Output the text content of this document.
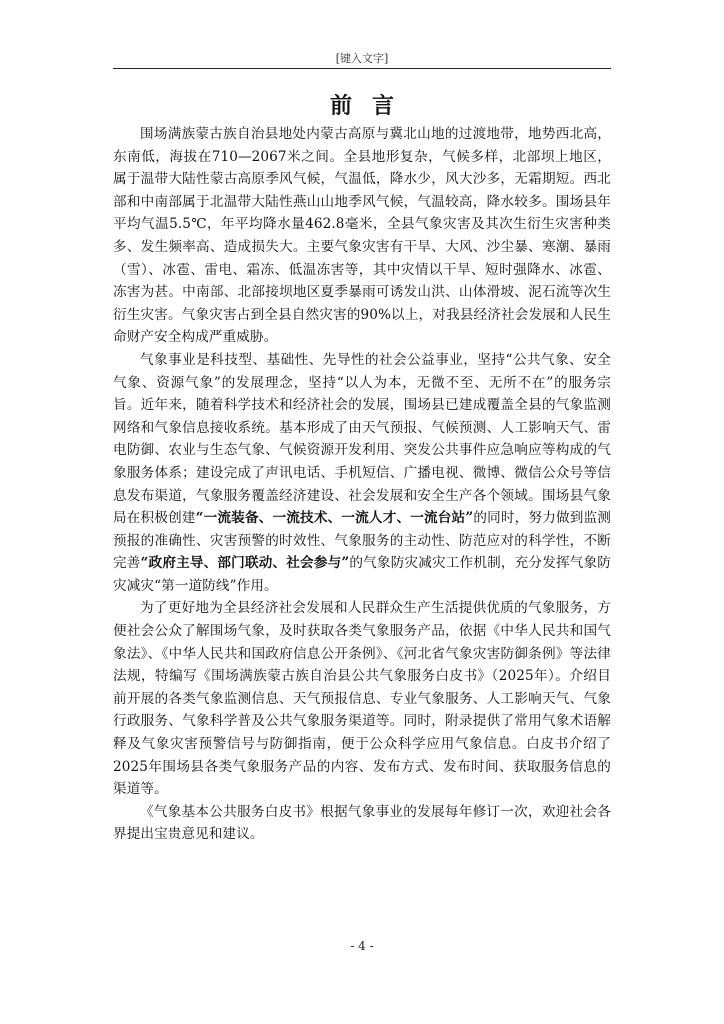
[键入文字]
前言

围场满族蒙古族自治县地处内蒙古高原与冀北山地的过渡地带，地势西北高，东南低，海拔在710—2067米之间。全县地形复杂，气候多样，北部坝上地区，属于温带大陆性蒙古高原季风气候，气温低，降水少，风大沙多，无霜期短。西北部和中南部属于北温带大陆性燕山山地季风气候，气温较高，降水较多。围场县年平均气温5.5℃，年平均降水量462.8毫米，全县气象灾害及其次生衍生灾害种类多、发生频率高、造成损失大。主要气象灾害有干旱、大风、沙尘暴、寒潮、暴雨（雪）、冰雹、雷电、霜冻、低温冻害等，其中灾情以干旱、短时强降水、冰雹、冻害为甚。中南部、北部接坝地区夏季暴雨可诱发山洪、山体滑坡、泥石流等次生衍生灾害。气象灾害占到全县自然灾害的90%以上，对我县经济社会发展和人民生命财产安全构成严重威胁。

气象事业是科技型、基础性、先导性的社会公益事业，坚持“公共气象、安全气象、资源气象”的发展理念，坚持“以人为本，无微不至、无所不在”的服务宗旨。近年来，随着科学技术和经济社会的发展，围场县已建成覆盖全县的气象监测网络和气象信息接收系统。基本形成了由天气预报、气候预测、人工影响天气、雷电防御、农业与生态气象、气候资源开发利用、突发公共事件应急响应等构成的气象服务体系；建设完成了声讯电话、手机短信、广播电视、微博、微信公众号等信息发布渠道，气象服务覆盖经济建设、社会发展和安全生产各个领域。围场县气象局在积极创建“一流装备、一流技术、一流人才、一流台站”的同时，努力做到监测预报的准确性、灾害预警的时效性、气象服务的主动性、防范应对的科学性，不断完善“政府主导、部门联动、社会参与”的气象防灾减灾工作机制，充分发挥气象防灾减灾“第一道防线”作用。

为了更好地为全县经济社会发展和人民群众生产生活提供优质的气象服务，方便社会公众了解围场气象，及时获取各类气象服务产品，依据《中华人民共和国气象法》、《中华人民共和国政府信息公开条例》、《河北省气象灾害防御条例》等法律法规，特编写《围场满族蒙古族自治县公共气象服务白皮书》（2025年）。介绍目前开展的各类气象监测信息、天气预报信息、专业气象服务、人工影响天气、气象行政服务、气象科学普及公共气象服务渠道等。同时，附录提供了常用气象术语解释及气象灾害预警信号与防御指南，便于公众科学应用气象信息。白皮书介绍了2025年围场县各类气象服务产品的内容、发布方式、发布时间、获取服务信息的渠道等。

《气象基本公共服务白皮书》根据气象事业的发展每年修订一次，欢迎社会各界提出宝贵意见和建议。

- 4 -
